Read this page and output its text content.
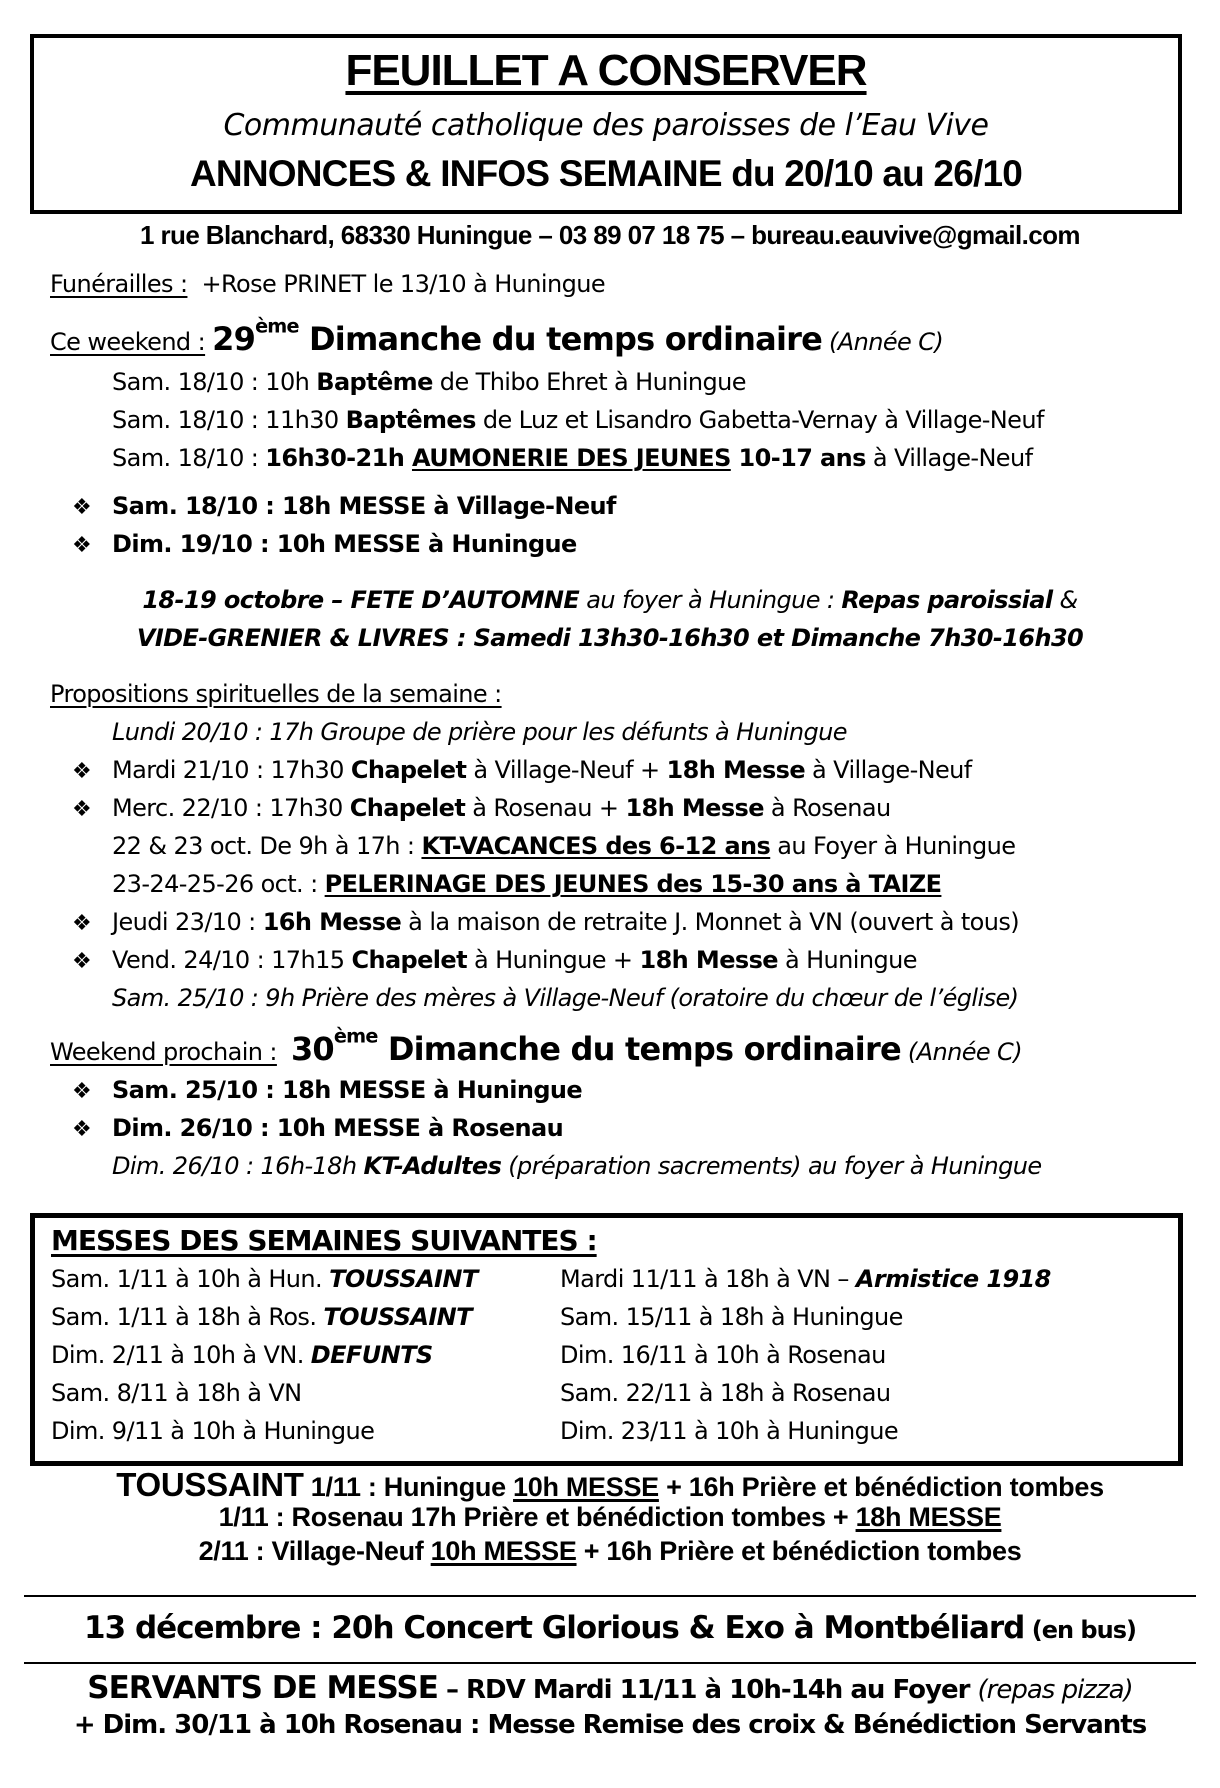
FEUILLET A CONSERVER
Communauté catholique des paroisses de l’Eau Vive
ANNONCES & INFOS SEMAINE du 20/10 au 26/10
1 rue Blanchard, 68330 Huningue – 03 89 07 18 75 – bureau.eauvive@gmail.com
Funérailles : +Rose PRINET le 13/10 à Huningue
Ce weekend : 29ème Dimanche du temps ordinaire (Année C)
Sam. 18/10 : 10h Baptême de Thibo Ehret à Huningue
Sam. 18/10 : 11h30 Baptêmes de Luz et Lisandro Gabetta-Vernay à Village-Neuf
Sam. 18/10 : 16h30-21h AUMONERIE DES JEUNES 10-17 ans à Village-Neuf
❖ Sam. 18/10 : 18h MESSE à Village-Neuf
❖ Dim. 19/10 : 10h MESSE à Huningue
18-19 octobre – FETE D’AUTOMNE au foyer à Huningue : Repas paroissial &
VIDE-GRENIER & LIVRES : Samedi 13h30-16h30 et Dimanche 7h30-16h30
Propositions spirituelles de la semaine :
Lundi 20/10 : 17h Groupe de prière pour les défunts à Huningue
❖ Mardi 21/10 : 17h30 Chapelet à Village-Neuf + 18h Messe à Village-Neuf
❖ Merc. 22/10 : 17h30 Chapelet à Rosenau + 18h Messe à Rosenau
22 & 23 oct. De 9h à 17h : KT-VACANCES des 6-12 ans au Foyer à Huningue
23-24-25-26 oct. : PELERINAGE DES JEUNES des 15-30 ans à TAIZE
❖ Jeudi 23/10 : 16h Messe à la maison de retraite J. Monnet à VN (ouvert à tous)
❖ Vend. 24/10 : 17h15 Chapelet à Huningue + 18h Messe à Huningue
Sam. 25/10 : 9h Prière des mères à Village-Neuf (oratoire du chœur de l’église)
Weekend prochain : 30ème Dimanche du temps ordinaire (Année C)
❖ Sam. 25/10 : 18h MESSE à Huningue
❖ Dim. 26/10 : 10h MESSE à Rosenau
Dim. 26/10 : 16h-18h KT-Adultes (préparation sacrements) au foyer à Huningue
MESSES DES SEMAINES SUIVANTES :
Sam. 1/11 à 10h à Hun. TOUSSAINT
Sam. 1/11 à 18h à Ros. TOUSSAINT
Dim. 2/11 à 10h à VN. DEFUNTS
Sam. 8/11 à 18h à VN
Dim. 9/11 à 10h à Huningue
Mardi 11/11 à 18h à VN – Armistice 1918
Sam. 15/11 à 18h à Huningue
Dim. 16/11 à 10h à Rosenau
Sam. 22/11 à 18h à Rosenau
Dim. 23/11 à 10h à Huningue
TOUSSAINT 1/11 : Huningue 10h MESSE + 16h Prière et bénédiction tombes
1/11 : Rosenau 17h Prière et bénédiction tombes + 18h MESSE
2/11 : Village-Neuf 10h MESSE + 16h Prière et bénédiction tombes
13 décembre : 20h Concert Glorious & Exo à Montbéliard (en bus)
SERVANTS DE MESSE – RDV Mardi 11/11 à 10h-14h au Foyer (repas pizza)
+ Dim. 30/11 à 10h Rosenau : Messe Remise des croix & Bénédiction Servants
